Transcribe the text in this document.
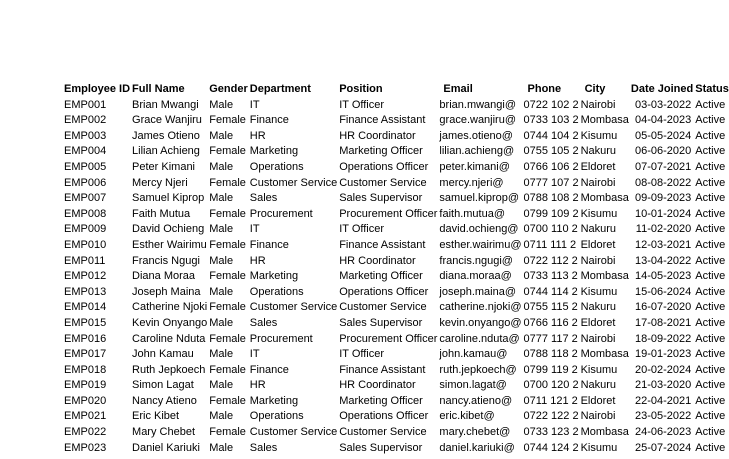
Employee ID	Full Name	Gender	Department	Position	Email	Phone	City	Date Joined	Status
EMP001	Brian Mwangi	Male	IT	IT Officer	brian.mwangi@	0722 102 2	Nairobi	03-03-2022	Active
EMP002	Grace Wanjiru	Female	Finance	Finance Assistant	grace.wanjiru@	0733 103 2	Mombasa	04-04-2023	Active
EMP003	James Otieno	Male	HR	HR Coordinator	james.otieno@	0744 104 2	Kisumu	05-05-2024	Active
EMP004	Lilian Achieng	Female	Marketing	Marketing Officer	lilian.achieng@	0755 105 2	Nakuru	06-06-2020	Active
EMP005	Peter Kimani	Male	Operations	Operations Officer	peter.kimani@	0766 106 2	Eldoret	07-07-2021	Active
EMP006	Mercy Njeri	Female	Customer Service	Customer Service	mercy.njeri@	0777 107 2	Nairobi	08-08-2022	Active
EMP007	Samuel Kiprop	Male	Sales	Sales Supervisor	samuel.kiprop@	0788 108 2	Mombasa	09-09-2023	Active
EMP008	Faith Mutua	Female	Procurement	Procurement Officer	faith.mutua@	0799 109 2	Kisumu	10-01-2024	Active
EMP009	David Ochieng	Male	IT	IT Officer	david.ochieng@	0700 110 2	Nakuru	11-02-2020	Active
EMP010	Esther Wairimu	Female	Finance	Finance Assistant	esther.wairimu@	0711 111 2	Eldoret	12-03-2021	Active
EMP011	Francis Ngugi	Male	HR	HR Coordinator	francis.ngugi@	0722 112 2	Nairobi	13-04-2022	Active
EMP012	Diana Moraa	Female	Marketing	Marketing Officer	diana.moraa@	0733 113 2	Mombasa	14-05-2023	Active
EMP013	Joseph Maina	Male	Operations	Operations Officer	joseph.maina@	0744 114 2	Kisumu	15-06-2024	Active
EMP014	Catherine Njoki	Female	Customer Service	Customer Service	catherine.njoki@	0755 115 2	Nakuru	16-07-2020	Active
EMP015	Kevin Onyango	Male	Sales	Sales Supervisor	kevin.onyango@	0766 116 2	Eldoret	17-08-2021	Active
EMP016	Caroline Nduta	Female	Procurement	Procurement Officer	caroline.nduta@	0777 117 2	Nairobi	18-09-2022	Active
EMP017	John Kamau	Male	IT	IT Officer	john.kamau@	0788 118 2	Mombasa	19-01-2023	Active
EMP018	Ruth Jepkoech	Female	Finance	Finance Assistant	ruth.jepkoech@	0799 119 2	Kisumu	20-02-2024	Active
EMP019	Simon Lagat	Male	HR	HR Coordinator	simon.lagat@	0700 120 2	Nakuru	21-03-2020	Active
EMP020	Nancy Atieno	Female	Marketing	Marketing Officer	nancy.atieno@	0711 121 2	Eldoret	22-04-2021	Active
EMP021	Eric Kibet	Male	Operations	Operations Officer	eric.kibet@	0722 122 2	Nairobi	23-05-2022	Active
EMP022	Mary Chebet	Female	Customer Service	Customer Service	mary.chebet@	0733 123 2	Mombasa	24-06-2023	Active
EMP023	Daniel Kariuki	Male	Sales	Sales Supervisor	daniel.kariuki@	0744 124 2	Kisumu	25-07-2024	Active
